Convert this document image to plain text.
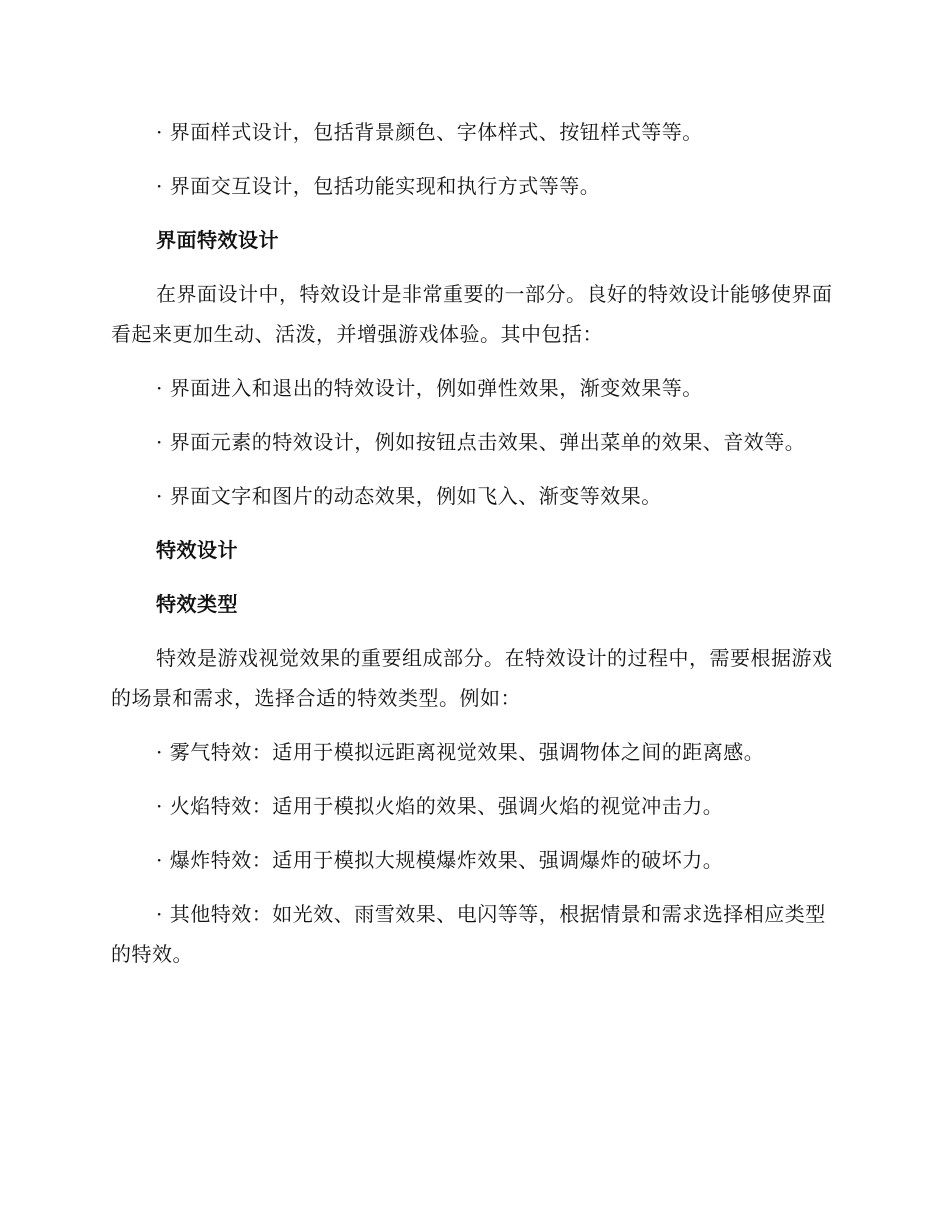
· 界面样式设计，包括背景颜色、字体样式、按钮样式等等。

· 界面交互设计，包括功能实现和执行方式等等。

界面特效设计

在界面设计中，特效设计是非常重要的一部分。良好的特效设计能够使界面看起来更加生动、活泼，并增强游戏体验。其中包括：

· 界面进入和退出的特效设计，例如弹性效果，渐变效果等。

· 界面元素的特效设计，例如按钮点击效果、弹出菜单的效果、音效等。

· 界面文字和图片的动态效果，例如飞入、渐变等效果。

特效设计

特效类型

特效是游戏视觉效果的重要组成部分。在特效设计的过程中，需要根据游戏的场景和需求，选择合适的特效类型。例如：

· 雾气特效：适用于模拟远距离视觉效果、强调物体之间的距离感。

· 火焰特效：适用于模拟火焰的效果、强调火焰的视觉冲击力。

· 爆炸特效：适用于模拟大规模爆炸效果、强调爆炸的破坏力。

· 其他特效：如光效、雨雪效果、电闪等等，根据情景和需求选择相应类型的特效。
